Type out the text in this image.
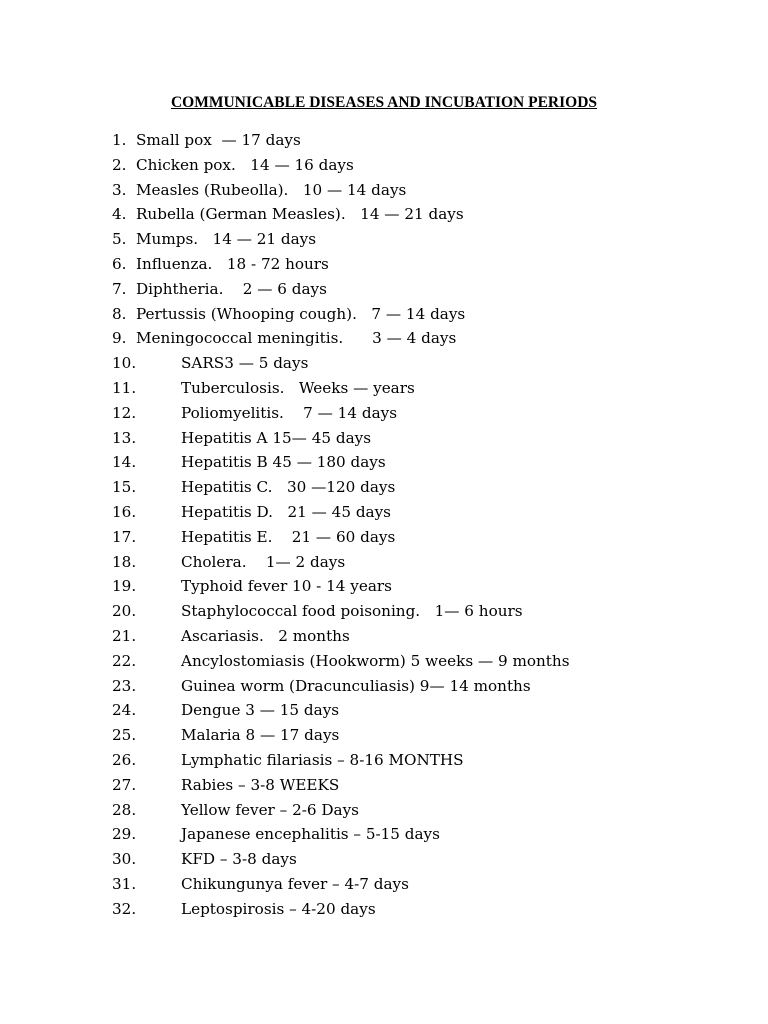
COMMUNICABLE DISEASES AND INCUBATION PERIODS
1. Small pox  — 17 days
2. Chicken pox.   14 — 16 days
3. Measles (Rubeolla).   10 — 14 days
4. Rubella (German Measles).   14 — 21 days
5. Mumps.   14 — 21 days
6. Influenza.   18 - 72 hours
7. Diphtheria.    2 — 6 days
8. Pertussis (Whooping cough).   7 — 14 days
9. Meningococcal meningitis.      3 — 4 days
10.	SARS3 — 5 days
11.	Tuberculosis.   Weeks — years
12.	Poliomyelitis.    7 — 14 days
13.	Hepatitis A 15— 45 days
14.	Hepatitis B 45 — 180 days
15.	Hepatitis C.   30 —120 days
16.	Hepatitis D.   21 — 45 days
17.	Hepatitis E.    21 — 60 days
18.	Cholera.    1— 2 days
19.	Typhoid fever 10 - 14 years
20.	Staphylococcal food poisoning.   1— 6 hours
21.	Ascariasis.   2 months
22.	Ancylostomiasis (Hookworm) 5 weeks — 9 months
23.	Guinea worm (Dracunculiasis) 9— 14 months
24.	Dengue 3 — 15 days
25.	Malaria 8 — 17 days
26.	Lymphatic filariasis – 8-16 MONTHS
27.	Rabies – 3-8 WEEKS
28.	Yellow fever – 2-6 Days
29.	Japanese encephalitis – 5-15 days
30.	KFD – 3-8 days
31.	Chikungunya fever – 4-7 days
32.	Leptospirosis – 4-20 days
